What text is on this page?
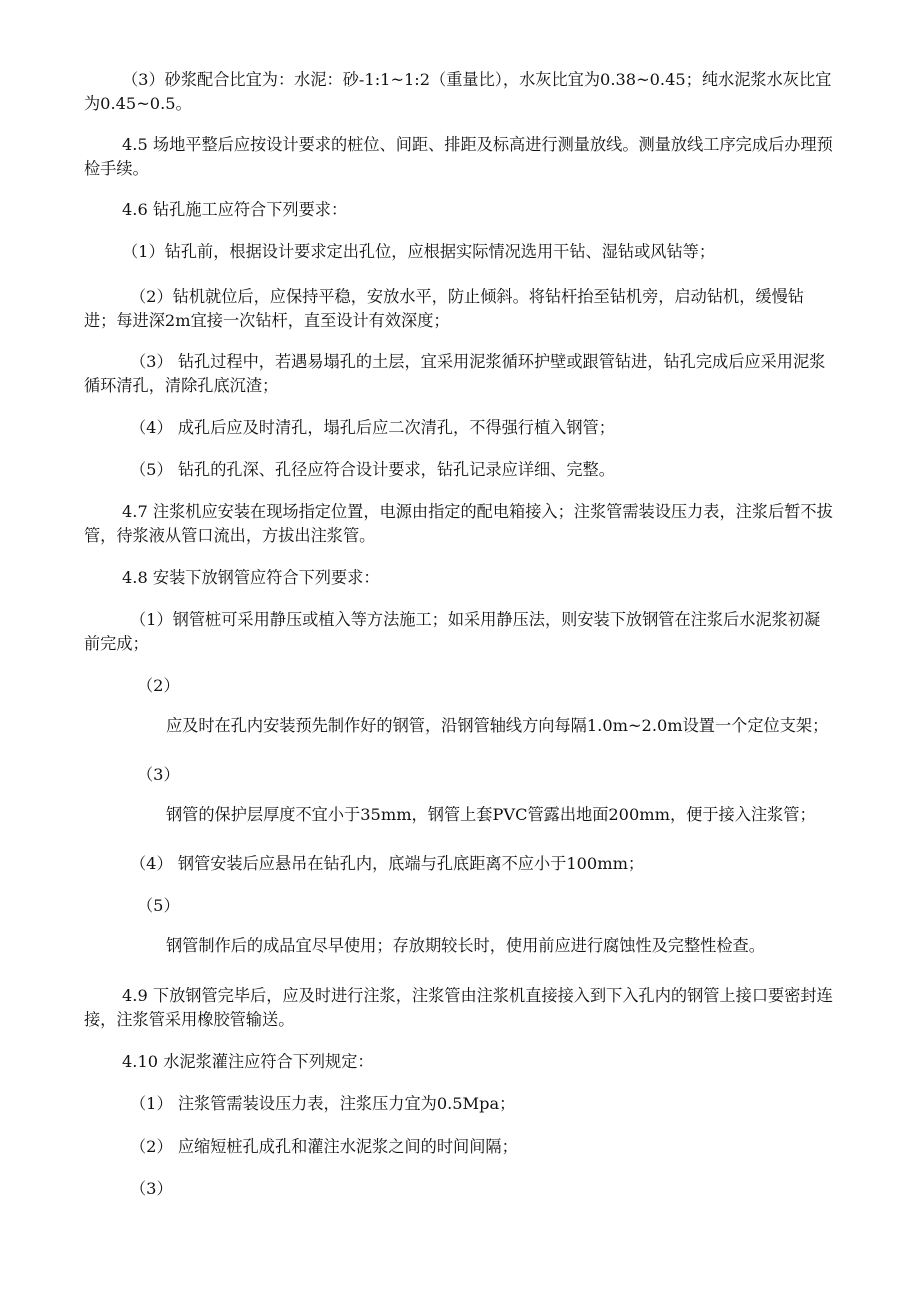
（3）砂浆配合比宜为：水泥：砂-1:1~1:2（重量比），水灰比宜为0.38~0.45；纯水泥浆水灰比宜为0.45~0.5。

4.5 场地平整后应按设计要求的桩位、间距、排距及标高进行测量放线。测量放线工序完成后办理预检手续。

4.6 钻孔施工应符合下列要求：

（1）钻孔前，根据设计要求定出孔位，应根据实际情况选用干钻、湿钻或风钻等；

（2）钻机就位后，应保持平稳，安放水平，防止倾斜。将钻杆抬至钻机旁，启动钻机，缓慢钻进；每进深2m宜接一次钻杆，直至设计有效深度；

（3） 钻孔过程中，若遇易塌孔的土层，宜采用泥浆循环护壁或跟管钻进，钻孔完成后应采用泥浆循环清孔，清除孔底沉渣；

（4） 成孔后应及时清孔，塌孔后应二次清孔，不得强行植入钢管；

（5） 钻孔的孔深、孔径应符合设计要求，钻孔记录应详细、完整。

4.7 注浆机应安装在现场指定位置，电源由指定的配电箱接入；注浆管需装设压力表，注浆后暂不拔管，待浆液从管口流出，方拔出注浆管。

4.8 安装下放钢管应符合下列要求：

（1）钢管桩可采用静压或植入等方法施工；如采用静压法，则安装下放钢管在注浆后水泥浆初凝前完成；

（2）

应及时在孔内安装预先制作好的钢管，沿钢管轴线方向每隔1.0m~2.0m设置一个定位支架；

（3）

钢管的保护层厚度不宜小于35mm，钢管上套PVC管露出地面200mm，便于接入注浆管；

（4） 钢管安装后应悬吊在钻孔内，底端与孔底距离不应小于100mm；

（5）

钢管制作后的成品宜尽早使用；存放期较长时，使用前应进行腐蚀性及完整性检查。

4.9 下放钢管完毕后，应及时进行注浆，注浆管由注浆机直接接入到下入孔内的钢管上接口要密封连接，注浆管采用橡胶管输送。

4.10 水泥浆灌注应符合下列规定：

（1） 注浆管需装设压力表，注浆压力宜为0.5Mpa；

（2） 应缩短桩孔成孔和灌注水泥浆之间的时间间隔；

（3）
